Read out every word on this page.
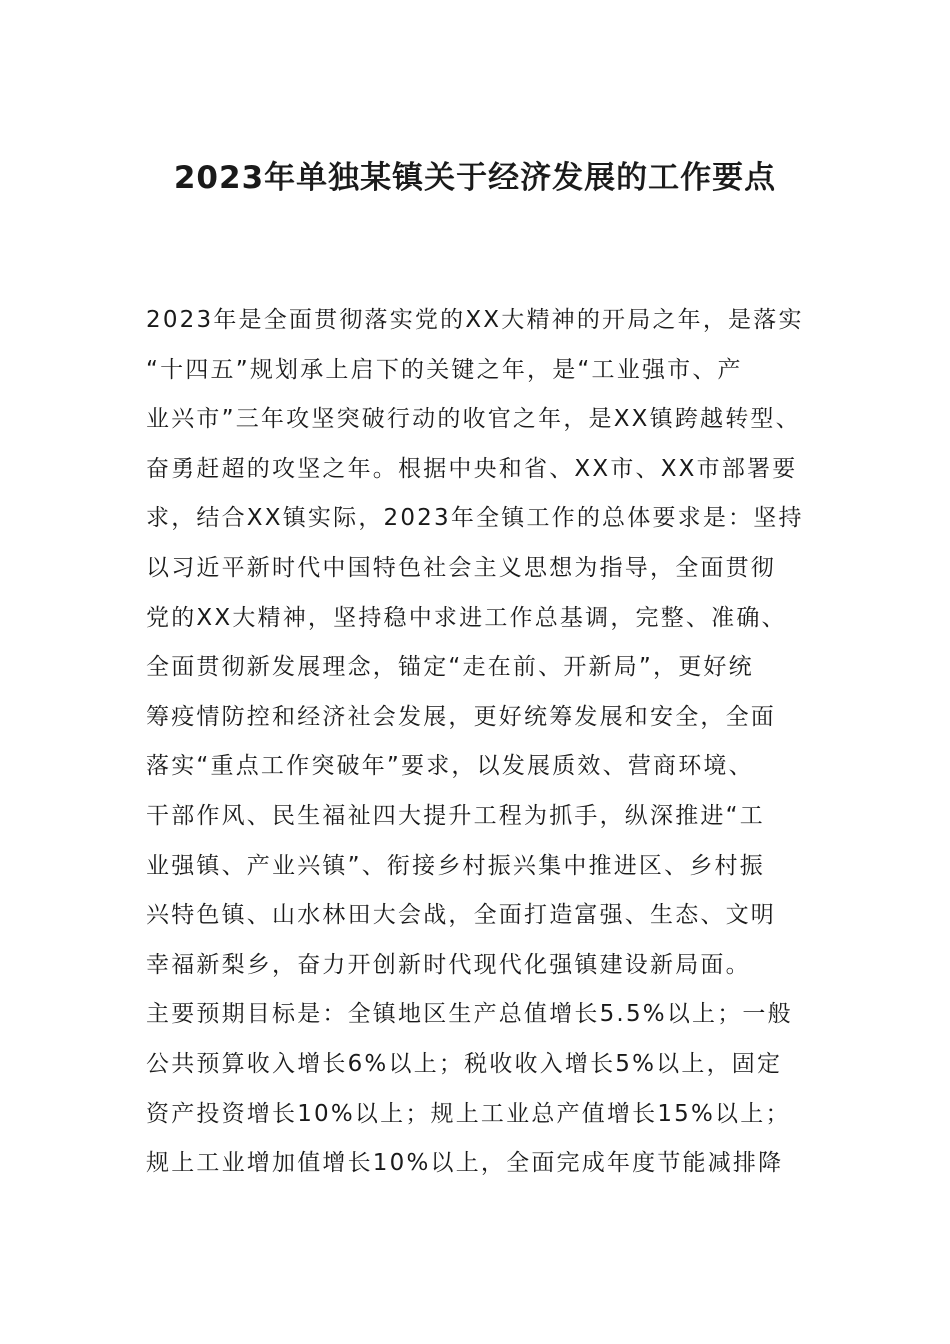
2023年单独某镇关于经济发展的工作要点
2023年是全面贯彻落实党的XX大精神的开局之年，是落实
“十四五”规划承上启下的关键之年，是“工业强市、产
业兴市”三年攻坚突破行动的收官之年，是XX镇跨越转型、
奋勇赶超的攻坚之年。根据中央和省、XX市、XX市部署要
求，结合XX镇实际，2023年全镇工作的总体要求是：坚持
以习近平新时代中国特色社会主义思想为指导，全面贯彻
党的XX大精神，坚持稳中求进工作总基调，完整、准确、
全面贯彻新发展理念，锚定“走在前、开新局”，更好统
筹疫情防控和经济社会发展，更好统筹发展和安全，全面
落实“重点工作突破年”要求，以发展质效、营商环境、
干部作风、民生福祉四大提升工程为抓手，纵深推进“工
业强镇、产业兴镇”、衔接乡村振兴集中推进区、乡村振
兴特色镇、山水林田大会战，全面打造富强、生态、文明
幸福新梨乡，奋力开创新时代现代化强镇建设新局面。
主要预期目标是：全镇地区生产总值增长5.5%以上；一般
公共预算收入增长6%以上；税收收入增长5%以上，固定
资产投资增长10%以上；规上工业总产值增长15%以上；
规上工业增加值增长10%以上，全面完成年度节能减排降
